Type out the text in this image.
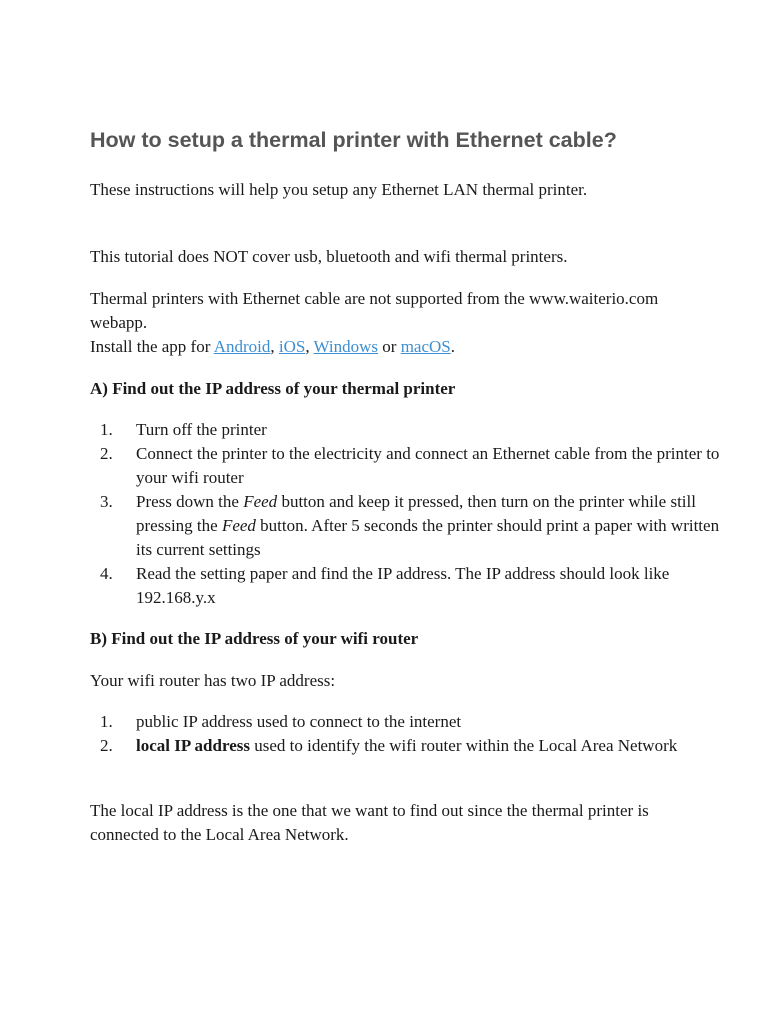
How to setup a thermal printer with Ethernet cable?

These instructions will help you setup any Ethernet LAN thermal printer.

This tutorial does NOT cover usb, bluetooth and wifi thermal printers.

Thermal printers with Ethernet cable are not supported from the www.waiterio.com webapp.
Install the app for Android, iOS, Windows or macOS.

A) Find out the IP address of your thermal printer

Turn off the printer
Connect the printer to the electricity and connect an Ethernet cable from the printer to your wifi router
Press down the Feed button and keep it pressed, then turn on the printer while still pressing the Feed button. After 5 seconds the printer should print a paper with written its current settings
Read the setting paper and find the IP address. The IP address should look like 192.168.y.x

B) Find out the IP address of your wifi router

Your wifi router has two IP address:

public IP address used to connect to the internet
local IP address used to identify the wifi router within the Local Area Network

The local IP address is the one that we want to find out since the thermal printer is connected to the Local Area Network.
